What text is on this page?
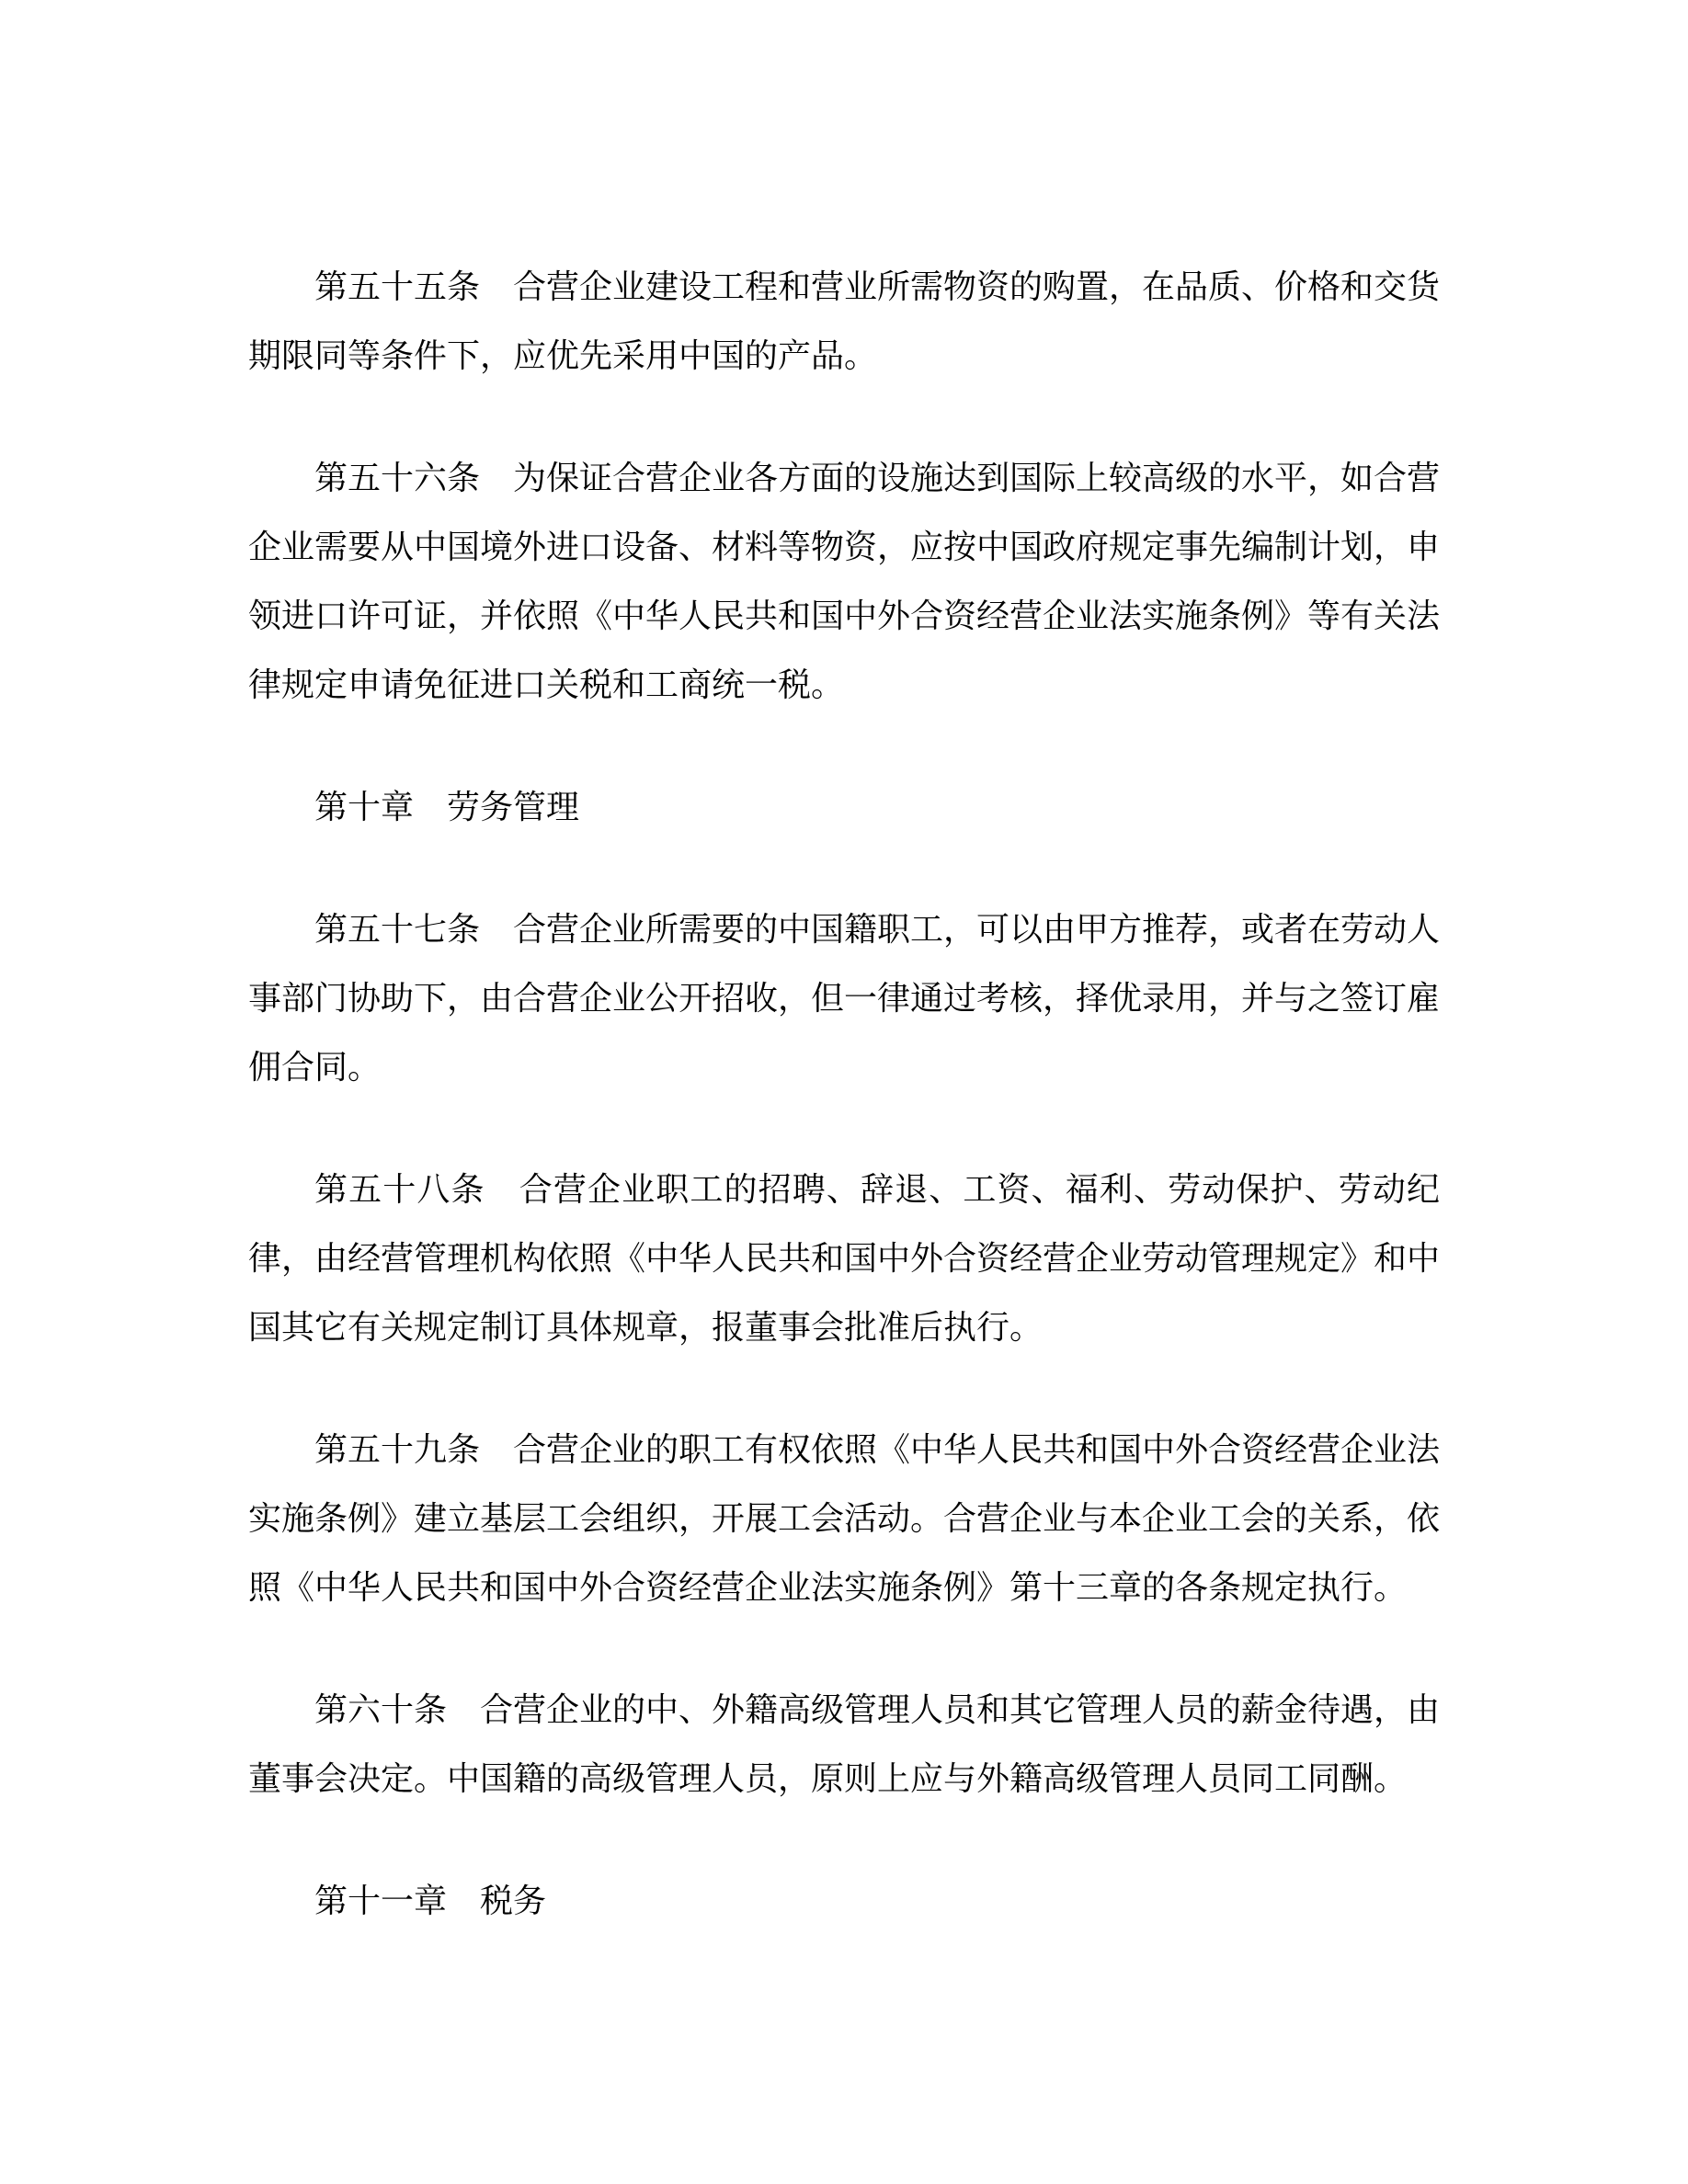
第五十五条　合营企业建设工程和营业所需物资的购置，在品质、价格和交货期限同等条件下，应优先采用中国的产品。

第五十六条　为保证合营企业各方面的设施达到国际上较高级的水平，如合营企业需要从中国境外进口设备、材料等物资，应按中国政府规定事先编制计划，申领进口许可证，并依照《中华人民共和国中外合资经营企业法实施条例》等有关法律规定申请免征进口关税和工商统一税。

第十章　劳务管理

第五十七条　合营企业所需要的中国籍职工，可以由甲方推荐，或者在劳动人事部门协助下，由合营企业公开招收，但一律通过考核，择优录用，并与之签订雇佣合同。

第五十八条　合营企业职工的招聘、辞退、工资、福利、劳动保护、劳动纪律，由经营管理机构依照《中华人民共和国中外合资经营企业劳动管理规定》和中国其它有关规定制订具体规章，报董事会批准后执行。

第五十九条　合营企业的职工有权依照《中华人民共和国中外合资经营企业法实施条例》建立基层工会组织，开展工会活动。合营企业与本企业工会的关系，依照《中华人民共和国中外合资经营企业法实施条例》第十三章的各条规定执行。

第六十条　合营企业的中、外籍高级管理人员和其它管理人员的薪金待遇，由董事会决定。中国籍的高级管理人员，原则上应与外籍高级管理人员同工同酬。

第十一章　税务
